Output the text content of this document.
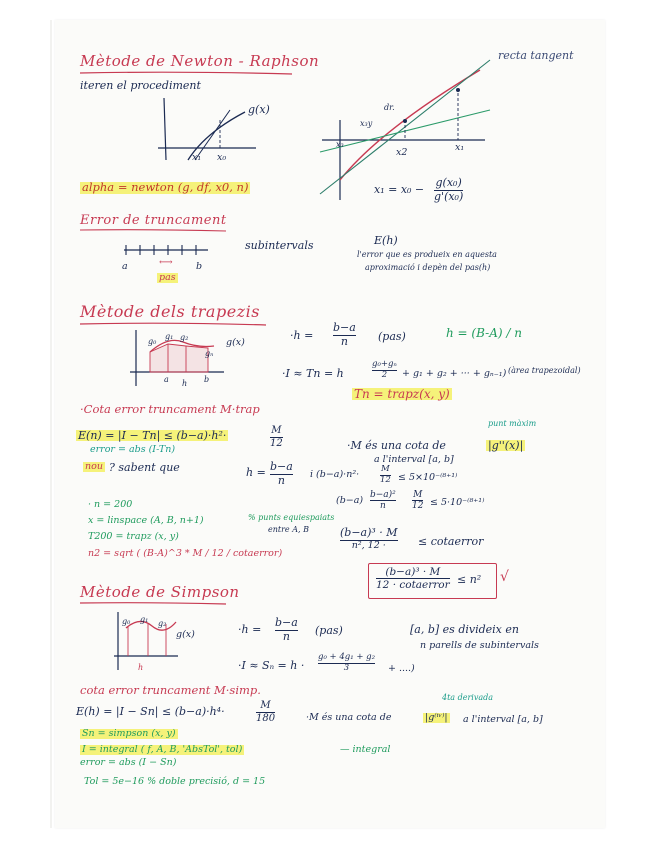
Mètode de Newton - Raphson
iteren el procediment
recta tangent
g(x)
x₁ x₀	x2	x₁
dr.
x₃
x₃y
alpha = newton (g, df, x0, n)	x₁ = x₀ −
g(x₀)
g'(x₀)
Error de truncament
a	b
⟷
pas
subintervals	E(h)
l'error que es produeix en aquesta
aproximació i depèn del pas(h)
Mètode dels trapezis
g₀
g₁ g₂
gₙ
g(x)
a	b
h
·h =
b−a
n	(pas)	h = (B-A) / n
·I ≈ Tn = h
g₀+gₙ
2 + g₁ + g₂ + ··· + gₙ₋₁) (àrea trapezoidal)
Tn = trapz(x, y)
·Cota error truncament M·trap
punt màxim
E(n) = |I − Tn| ≤ (b−a)·h²·	M
12
error = abs (I-Tn)	·M és una cota de	|g''(x)|
a l'interval [a, b]
nou ? sabent que	h = b−a
n	i (b−a)·n²·	M
12 ≤ 5×10⁻⁽⁸⁺¹⁾
(b−a) b−a)²
n
M
12 ≤ 5·10⁻⁽⁸⁺¹⁾
· n = 200
x = linspace (A, B, n+1)	% punts equiespaiats
entre A, B
T200 = trapz (x, y)
n2 = sqrt ( (B-A)^3 * M / 12 / cotaerror)
(b−a)³ · M
n², 12 ·	≤ cotaerror
(b−a)³ · M
12 · cotaerror ≤ n² √
Mètode de Simpson
g₀ g₁ g₂
g(x)
h
·h =
b−a
n (pas)	[a, b] es divideix en
n parells de subintervals
·I ≈ Sₙ = h ·
g₀ + 4g₁ + g₂
3	+ ....)
cota error truncament M·simp.
4ta derivada
E(h) = |I − Sn| ≤ (b−a)·h⁴·	M
180	·M és una cota de	|g⁽ⁱᵛ⁾| a l'interval [a, b]
Sn = simpson (x, y)
I = integral ( f, A, B, 'AbsTol', tol)	— integral
error = abs (I − Sn)
Tol = 5e−16 % doble precisió, d = 15
